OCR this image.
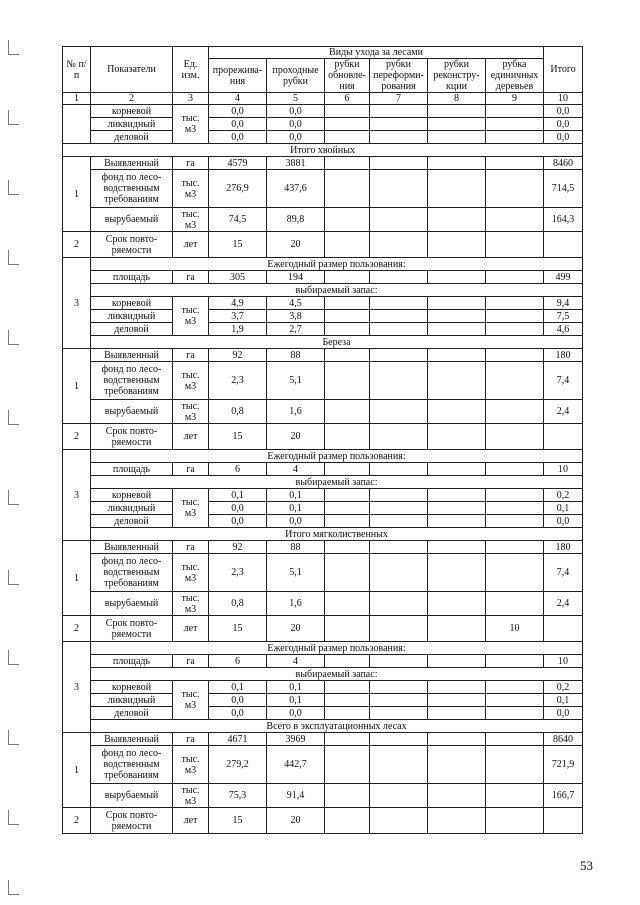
№ п/ п	Показатели	Ед. изм.	Виды ухода за лесами						Итого
			прорежива-ния	проходные рубки	рубки обновле-ния	рубки переформи-рования	рубки реконстру-кции	рубка единичных деревьев	
1	2	3	4	5	6	7	8	9	10
	корневой	тыс. м3	0,0	0,0					0,0
	ликвидный		0,0	0,0					0,0
	деловой		0,0	0,0					0,0
Итого хвойных									
1	Выявленный	га	4579	3881					8460
	фонд по лесо-водственным требованиям	тыс. м3	276,9	437,6					714,5
	вырубаемый	тыс. м3	74,5	89,8					164,3
2	Срок повто-ряемости	лет	15	20					
3	Ежегодный размер пользования:								
	площадь	га	305	194					499
	выбираемый запас:								
	корневой	тыс. м3	4,9	4,5					9,4
	ликвидный		3,7	3,8					7,5
	деловой		1,9	2,7					4,6
	Береза								
1	Выявленный	га	92	88					180
	фонд по лесо-водственным требованиям	тыс. м3	2,3	5,1					7,4
	вырубаемый	тыс. м3	0,8	1,6					2,4
2	Срок повто-ряемости	лет	15	20					
3	Ежегодный размер пользования:								
	площадь	га	6	4					10
	выбираемый запас:								
	корневой	тыс. м3	0,1	0,1					0,2
	ликвидный		0,0	0,1					0,1
	деловой		0,0	0,0					0,0
	Итого мягколиственных								
1	Выявленный	га	92	88					180
	фонд по лесо-водственным требованиям	тыс. м3	2,3	5,1					7,4
	вырубаемый	тыс. м3	0,8	1,6					2,4
2	Срок повто-ряемости	лет	15	20				10	
3	Ежегодный размер пользования:								
	площадь	га	6	4					10
	выбираемый запас:								
	корневой	тыс. м3	0,1	0,1					0,2
	ликвидный		0,0	0,1					0,1
	деловой		0,0	0,0					0,0
	Всего в эксплуатационных лесах								
1	Выявленный	га	4671	3969					8640
	фонд по лесо-водственным требованиям	тыс. м3	279,2	442,7					721,9
	вырубаемый	тыс. м3	75,3	91,4					166,7
2	Срок повто-ряемости	лет	15	20					
53
